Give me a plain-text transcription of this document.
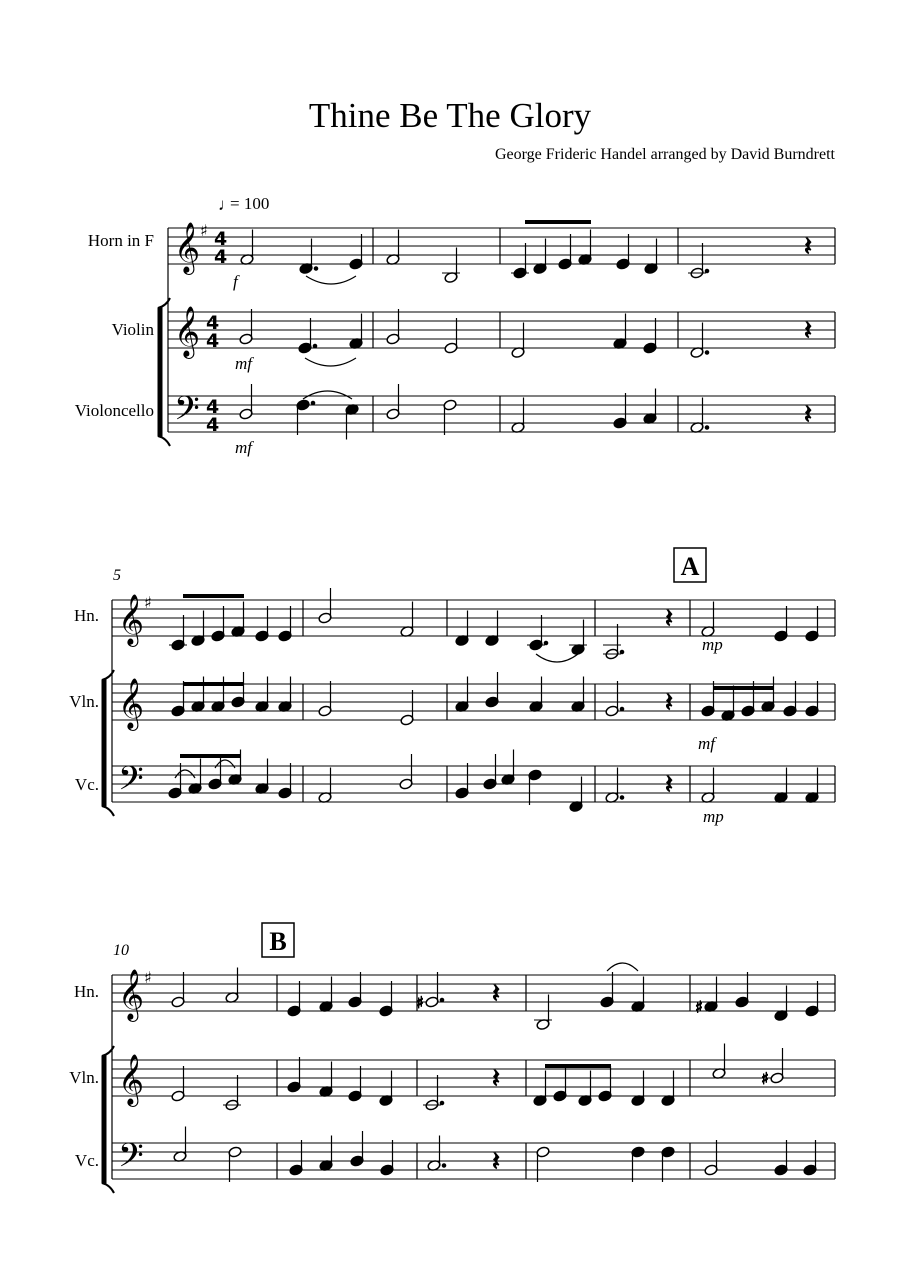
Thine Be The Glory
George Frideric Handel arranged by David Burndrett
𝄽
𝄽
𝄽
𝄽
𝄽
♯	𝄽	♯
𝄽	♯
𝄽
𝄽
𝄞 ♯ 4
4
𝄞 4
4
𝄢 4
4
𝄞 ♯
𝄞
𝄢
𝄞 ♯
𝄞
𝄢
♩
= 100
Horn in F
Violin
Violoncello
Hn.
Vln.
Vc.
Hn.
Vln.
Vc.
5
10
A
B
f
mf
mf
mp
mf
mp
